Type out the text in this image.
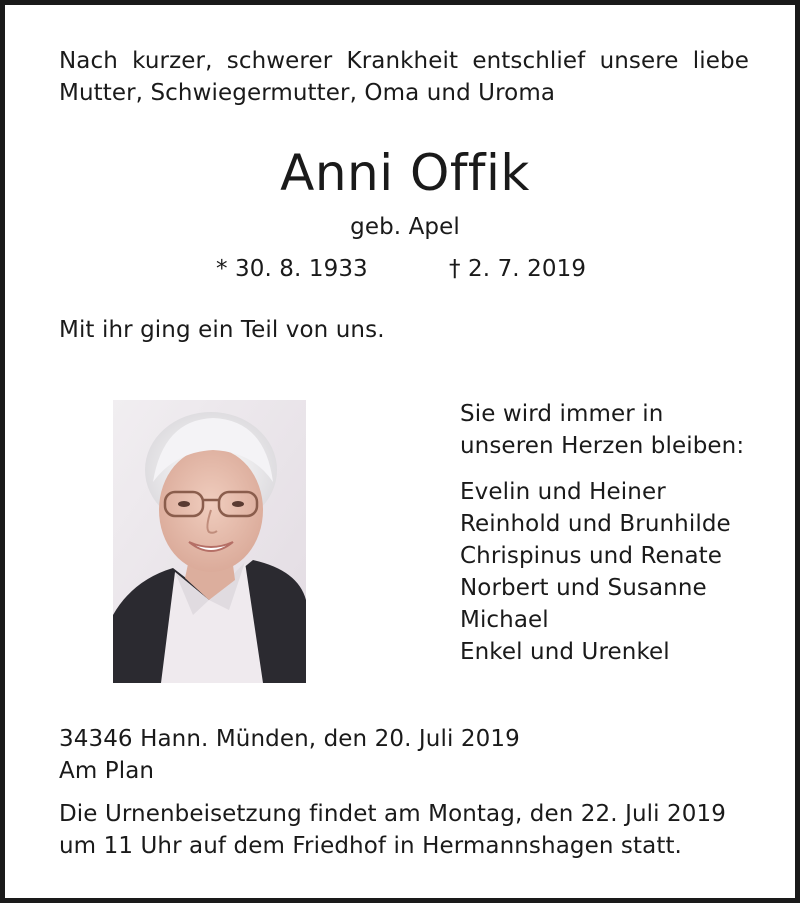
Nach kurzer, schwerer Krankheit entschlief unsere liebe
Mutter, Schwiegermutter, Oma und Uroma
Anni Offik
geb. Apel
* 30. 8. 1933	† 2. 7. 2019
Mit ihr ging ein Teil von uns.
Sie wird immer in
unseren Herzen bleiben:
Evelin und Heiner
Reinhold und Brunhilde
Chrispinus und Renate
Norbert und Susanne
Michael
Enkel und Urenkel
34346 Hann. Münden, den 20. Juli 2019
Am Plan
Die Urnenbeisetzung findet am Montag, den 22. Juli 2019
um 11 Uhr auf dem Friedhof in Hermannshagen statt.
